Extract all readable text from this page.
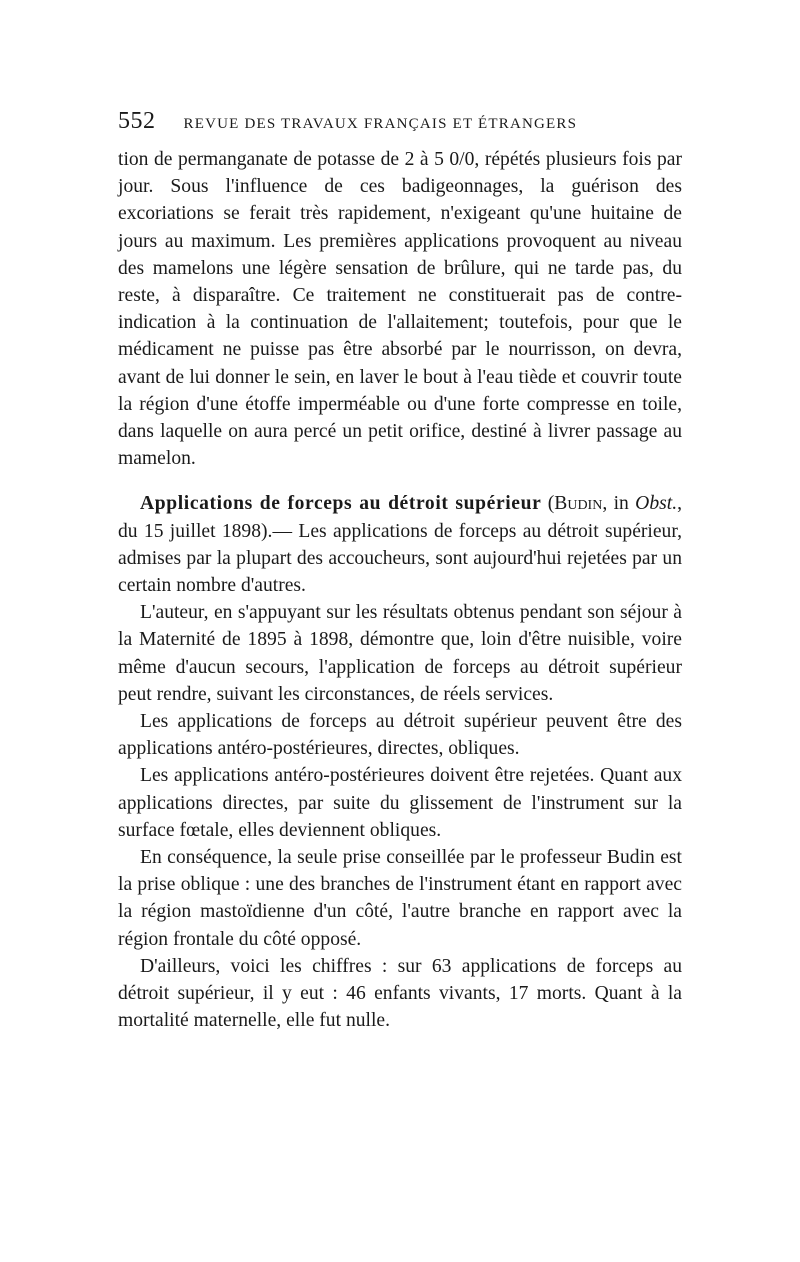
552 REVUE DES TRAVAUX FRANÇAIS ET ÉTRANGERS

tion de permanganate de potasse de 2 à 5 0/0, répétés plusieurs fois par jour. Sous l'influence de ces badigeonnages, la guérison des excoriations se ferait très rapidement, n'exigeant qu'une huitaine de jours au maximum. Les premières applications provoquent au niveau des mamelons une légère sensation de brûlure, qui ne tarde pas, du reste, à disparaître. Ce traitement ne constituerait pas de contre-indication à la continuation de l'allaitement; toutefois, pour que le médicament ne puisse pas être absorbé par le nourrisson, on devra, avant de lui donner le sein, en laver le bout à l'eau tiède et couvrir toute la région d'une étoffe imperméable ou d'une forte compresse en toile, dans laquelle on aura percé un petit orifice, destiné à livrer passage au mamelon.

Applications de forceps au détroit supérieur (Budin, in Obst., du 15 juillet 1898).— Les applications de forceps au détroit supérieur, admises par la plupart des accoucheurs, sont aujourd'hui rejetées par un certain nombre d'autres.

L'auteur, en s'appuyant sur les résultats obtenus pendant son séjour à la Maternité de 1895 à 1898, démontre que, loin d'être nuisible, voire même d'aucun secours, l'application de forceps au détroit supérieur peut rendre, suivant les circonstances, de réels services.

Les applications de forceps au détroit supérieur peuvent être des applications antéro-postérieures, directes, obliques.

Les applications antéro-postérieures doivent être rejetées. Quant aux applications directes, par suite du glissement de l'instrument sur la surface fœtale, elles deviennent obliques.

En conséquence, la seule prise conseillée par le professeur Budin est la prise oblique : une des branches de l'instrument étant en rapport avec la région mastoïdienne d'un côté, l'autre branche en rapport avec la région frontale du côté opposé.

D'ailleurs, voici les chiffres : sur 63 applications de forceps au détroit supérieur, il y eut : 46 enfants vivants, 17 morts. Quant à la mortalité maternelle, elle fut nulle.
